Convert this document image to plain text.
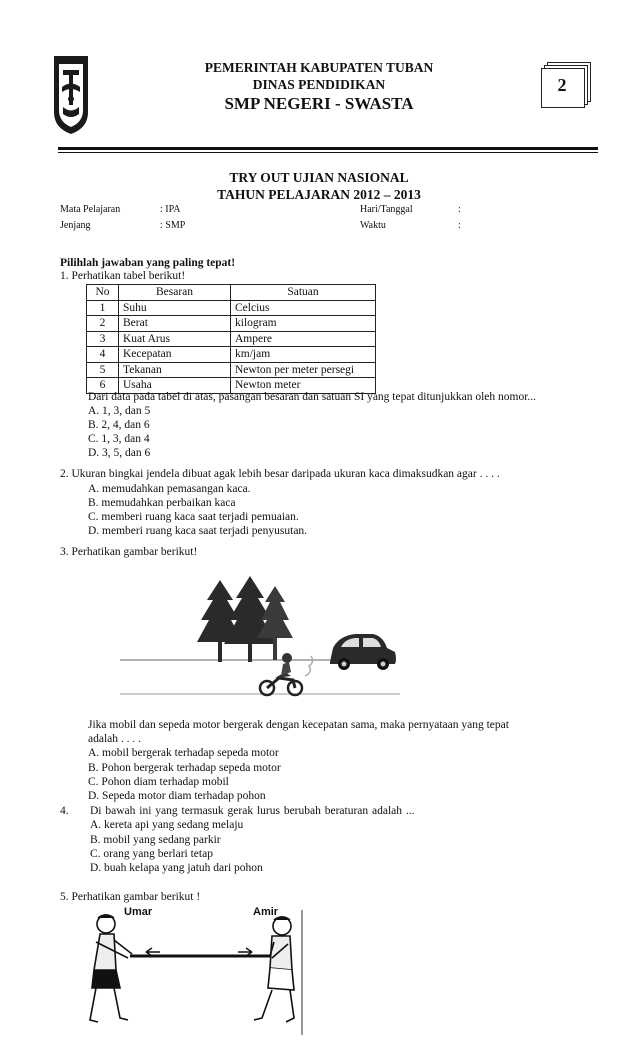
PEMERINTAH KABUPATEN TUBAN
DINAS PENDIDIKAN
SMP NEGERI - SWASTA
2
TRY OUT UJIAN NASIONAL
TAHUN PELAJARAN 2012 – 2013
Mata Pelajaran	: IPA
Jenjang	: SMP
Hari/Tanggal	:
Waktu	:
Pilihlah jawaban yang paling tepat!
1. Perhatikan tabel berikut!
No	Besaran	Satuan
1	Suhu	Celcius
2	Berat	kilogram
3	Kuat Arus	Ampere
4	Kecepatan	km/jam
5	Tekanan	Newton per meter persegi
6	Usaha	Newton meter
Dari data pada tabel di atas, pasangan besaran dan satuan SI yang tepat ditunjukkan oleh nomor...
A. 1, 3, dan 5
B. 2, 4, dan 6
C. 1, 3, dan 4
D. 3, 5, dan 6
2. Ukuran bingkai jendela dibuat agak lebih besar daripada ukuran kaca dimaksudkan agar . . . .
A. memudahkan pemasangan kaca.
B. memudahkan perbaikan kaca
C. memberi ruang kaca saat terjadi pemuaian.
D. memberi ruang kaca saat terjadi penyusutan.
3. Perhatikan gambar berikut!
Jika mobil dan sepeda motor bergerak dengan kecepatan sama, maka pernyataan yang tepat
adalah . . . .
A. mobil bergerak terhadap sepeda motor
B. Pohon bergerak terhadap sepeda motor
C. Pohon diam terhadap mobil
D. Sepeda motor diam terhadap pohon
4. Di bawah ini yang termasuk gerak lurus berubah beraturan adalah ...
A. kereta api yang sedang melaju
B. mobil yang sedang parkir
C. orang yang berlari tetap
D. buah kelapa yang jatuh dari pohon
5. Perhatikan gambar berikut !
Umar	Amir
